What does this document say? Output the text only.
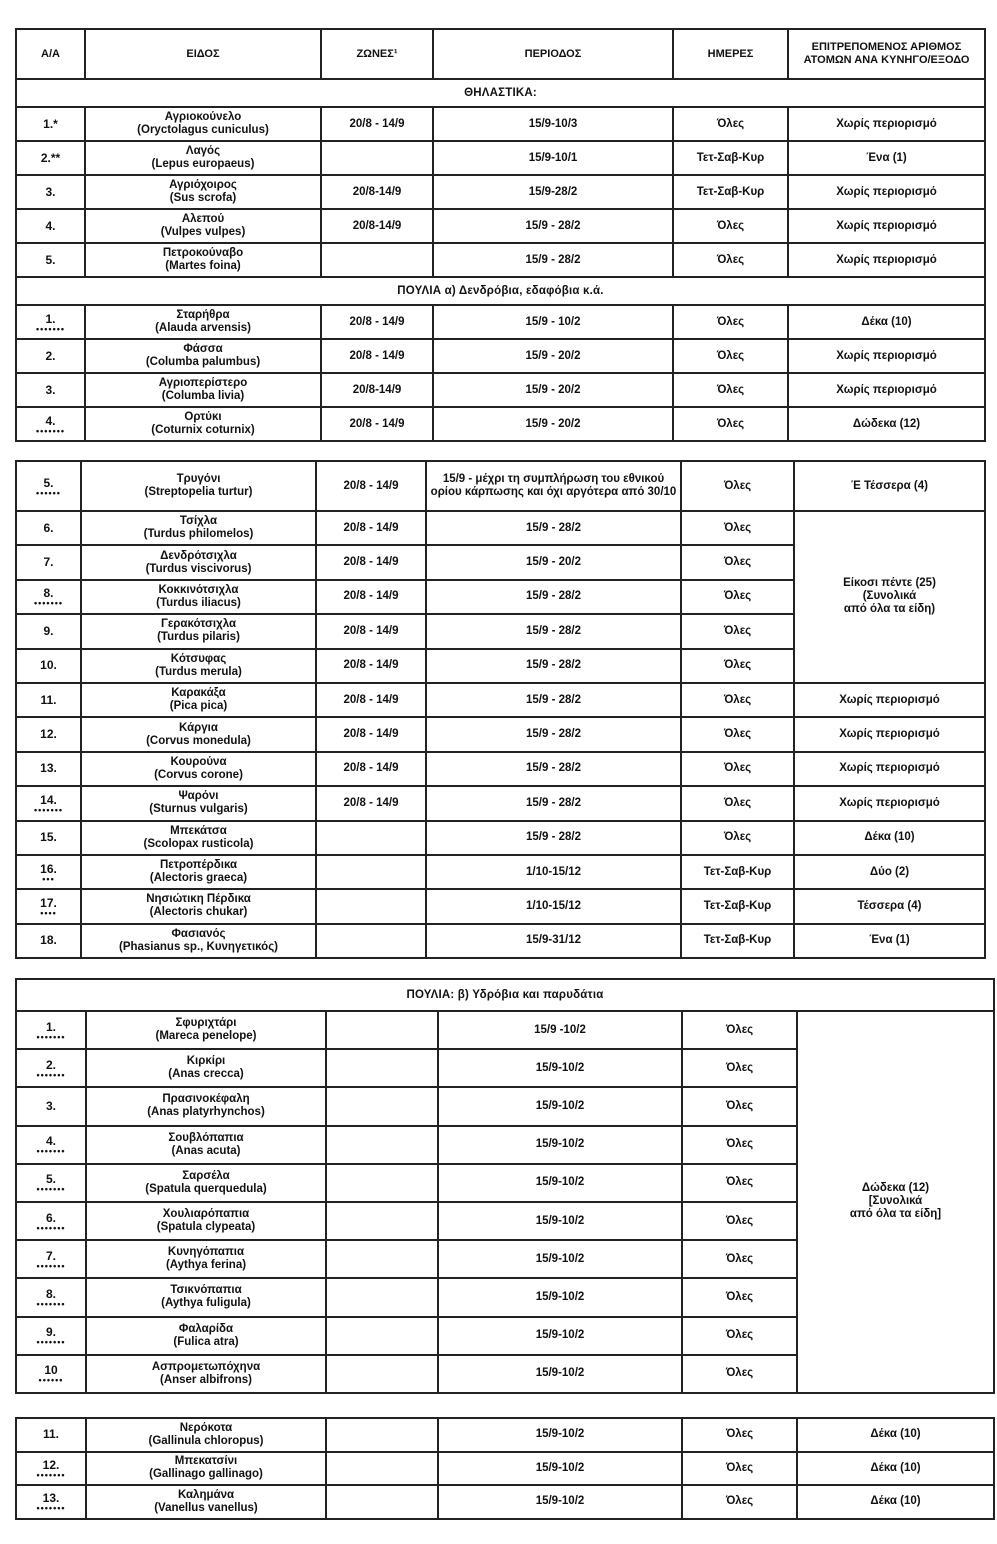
Α/Α	ΕΙΔΟΣ	ΖΩΝΕΣ¹	ΠΕΡΙΟΔΟΣ	ΗΜΕΡΕΣ	ΕΠΙΤΡΕΠΟΜΕΝΟΣ ΑΡΙΘΜΟΣ ΑΤΟΜΩΝ ΑΝΑ ΚΥΝΗΓΟ/ΕΞΟΔΟ
ΘΗΛΑΣΤΙΚΑ:					

1.*	Αγριοκούνελο
(Oryctolagus cuniculus)	20/8 - 14/9	15/9-10/3	Όλες	Χωρίς περιορισμό

2.**	Λαγός
(Lepus europaeus)		15/9-10/1	Τετ-Σαβ-Κυρ	Ένα (1)

3.	Αγριόχοιρος
(Sus scrofa)	20/8-14/9	15/9-28/2	Τετ-Σαβ-Κυρ	Χωρίς περιορισμό

4.	Αλεπού
(Vulpes vulpes)	20/8-14/9	15/9 - 28/2	Όλες	Χωρίς περιορισμό

5.	Πετροκούναβο
(Martes foina)		15/9 - 28/2	Όλες	Χωρίς περιορισμό
ΠΟΥΛΙΑ α) Δενδρόβια, εδαφόβια κ.ά.					

1.
•••••••	Σταρήθρα
(Alauda arvensis)	20/8 - 14/9	15/9 - 10/2	Όλες	Δέκα (10)

2.	Φάσσα
(Columba palumbus)	20/8 - 14/9	15/9 - 20/2	Όλες	Χωρίς περιορισμό

3.	Αγριοπερίστερο
(Columba livia)	20/8-14/9	15/9 - 20/2	Όλες	Χωρίς περιορισμό

4.
•••••••	Ορτύκι
(Coturnix coturnix)	20/8 - 14/9	15/9 - 20/2	Όλες	Δώδεκα (12)
5.
••••••	Τρυγόνι
(Streptopelia turtur)	20/8 - 14/9	15/9 - μέχρι τη συμπλήρωση του εθνικού ορίου κάρπωσης και όχι αργότερα από 30/10	Όλες	Έ Τέσσερα (4)

6.	Τσίχλα
(Turdus philomelos)	20/8 - 14/9	15/9 - 28/2	Όλες	Είκοσι πέντε (25)
(Συνολικά
από όλα τα είδη)

7.	Δενδρότσιχλα
(Turdus viscivorus)	20/8 - 14/9	15/9 - 20/2	Όλες	

8.
•••••••	Κοκκινότσιχλα
(Turdus iliacus)	20/8 - 14/9	15/9 - 28/2	Όλες	

9.	Γερακότσιχλα
(Turdus pilaris)	20/8 - 14/9	15/9 - 28/2	Όλες	

10.	Κότσυφας
(Turdus merula)	20/8 - 14/9	15/9 - 28/2	Όλες	

11.	Καρακάξα
(Pica pica)	20/8 - 14/9	15/9 - 28/2	Όλες	Χωρίς περιορισμό

12.	Κάργια
(Corvus monedula)	20/8 - 14/9	15/9 - 28/2	Όλες	Χωρίς περιορισμό

13.	Κουρούνα
(Corvus corone)	20/8 - 14/9	15/9 - 28/2	Όλες	Χωρίς περιορισμό

14.
•••••••	Ψαρόνι
(Sturnus vulgaris)	20/8 - 14/9	15/9 - 28/2	Όλες	Χωρίς περιορισμό

15.	Μπεκάτσα
(Scolopax rusticola)		15/9 - 28/2	Όλες	Δέκα (10)

16.
•••	Πετροπέρδικα
(Alectoris graeca)		1/10-15/12	Τετ-Σαβ-Κυρ	Δύο (2)

17.
••••	Νησιώτικη Πέρδικα
(Alectoris chukar)		1/10-15/12	Τετ-Σαβ-Κυρ	Τέσσερα (4)

18.	Φασιανός
(Phasianus sp., Κυνηγετικός)		15/9-31/12	Τετ-Σαβ-Κυρ	Ένα (1)
ΠΟΥΛΙΑ: β) Υδρόβια και παρυδάτια					

1.
•••••••	Σφυριχτάρι
(Mareca penelope)		15/9 -10/2	Όλες	Δώδεκα (12)
[Συνολικά
από όλα τα είδη]

2.
•••••••	Κιρκίρι
(Anas crecca)		15/9-10/2	Όλες	

3.	Πρασινοκέφαλη
(Anas platyrhynchos)		15/9-10/2	Όλες	

4.
•••••••	Σουβλόπαπια
(Anas acuta)		15/9-10/2	Όλες	

5.
•••••••	Σαρσέλα
(Spatula querquedula)		15/9-10/2	Όλες	

6.
•••••••	Χουλιαρόπαπια
(Spatula clypeata)		15/9-10/2	Όλες	

7.
•••••••	Κυνηγόπαπια
(Aythya ferina)		15/9-10/2	Όλες	

8.
•••••••	Τσικνόπαπια
(Aythya fuligula)		15/9-10/2	Όλες	

9.
•••••••	Φαλαρίδα
(Fulica atra)		15/9-10/2	Όλες	

10
••••••	Ασπρομετωπόχηνα
(Anser albifrons)		15/9-10/2	Όλες	
11.	Νερόκοτα
(Gallinula chloropus)		15/9-10/2	Όλες	Δέκα (10)

12.
•••••••	Μπεκατσίνι
(Gallinago gallinago)		15/9-10/2	Όλες	Δέκα (10)

13.
•••••••	Καλημάνα
(Vanellus vanellus)		15/9-10/2	Όλες	Δέκα (10)
